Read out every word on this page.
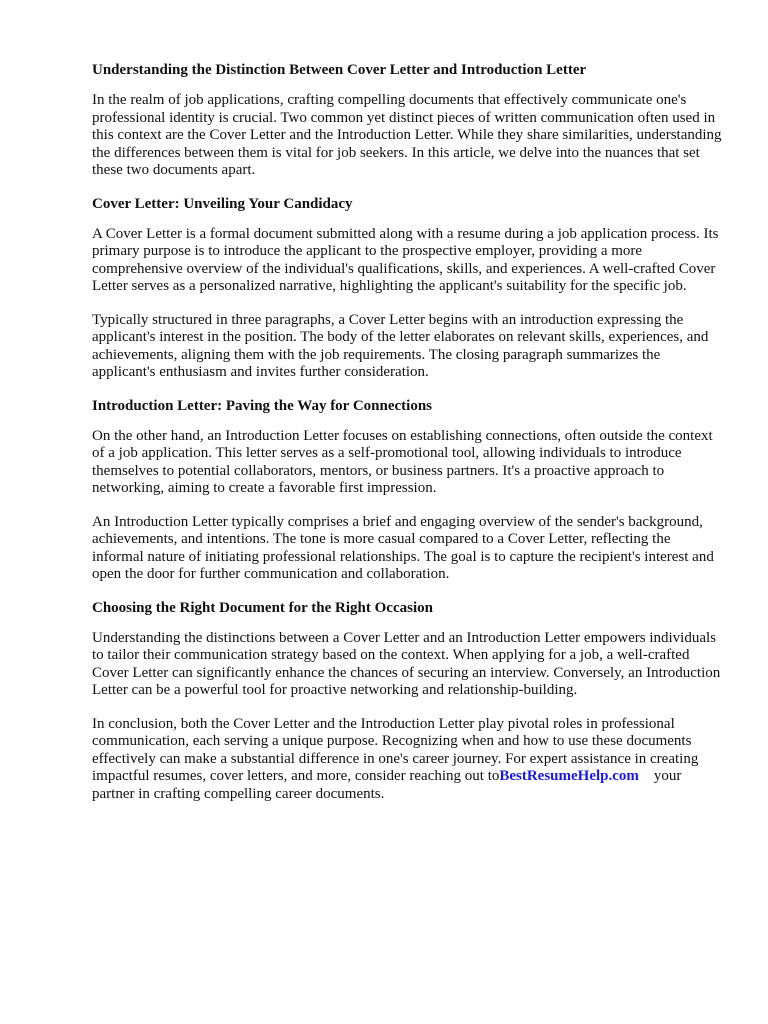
Understanding the Distinction Between Cover Letter and Introduction Letter

In the realm of job applications, crafting compelling documents that effectively communicate one's professional identity is crucial. Two common yet distinct pieces of written communication often used in this context are the Cover Letter and the Introduction Letter. While they share similarities, understanding the differences between them is vital for job seekers. In this article, we delve into the nuances that set these two documents apart.

Cover Letter: Unveiling Your Candidacy

A Cover Letter is a formal document submitted along with a resume during a job application process. Its primary purpose is to introduce the applicant to the prospective employer, providing a more comprehensive overview of the individual's qualifications, skills, and experiences. A well-crafted Cover Letter serves as a personalized narrative, highlighting the applicant's suitability for the specific job.

Typically structured in three paragraphs, a Cover Letter begins with an introduction expressing the applicant's interest in the position. The body of the letter elaborates on relevant skills, experiences, and achievements, aligning them with the job requirements. The closing paragraph summarizes the applicant's enthusiasm and invites further consideration.

Introduction Letter: Paving the Way for Connections

On the other hand, an Introduction Letter focuses on establishing connections, often outside the context of a job application. This letter serves as a self-promotional tool, allowing individuals to introduce themselves to potential collaborators, mentors, or business partners. It's a proactive approach to networking, aiming to create a favorable first impression.

An Introduction Letter typically comprises a brief and engaging overview of the sender's background, achievements, and intentions. The tone is more casual compared to a Cover Letter, reflecting the informal nature of initiating professional relationships. The goal is to capture the recipient's interest and open the door for further communication and collaboration.

Choosing the Right Document for the Right Occasion

Understanding the distinctions between a Cover Letter and an Introduction Letter empowers individuals to tailor their communication strategy based on the context. When applying for a job, a well-crafted Cover Letter can significantly enhance the chances of securing an interview. Conversely, an Introduction Letter can be a powerful tool for proactive networking and relationship-building.

In conclusion, both the Cover Letter and the Introduction Letter play pivotal roles in professional communication, each serving a unique purpose. Recognizing when and how to use these documents effectively can make a substantial difference in one's career journey. For expert assistance in creating impactful resumes, cover letters, and more, consider reaching out toBestResumeHelp.com your partner in crafting compelling career documents.
